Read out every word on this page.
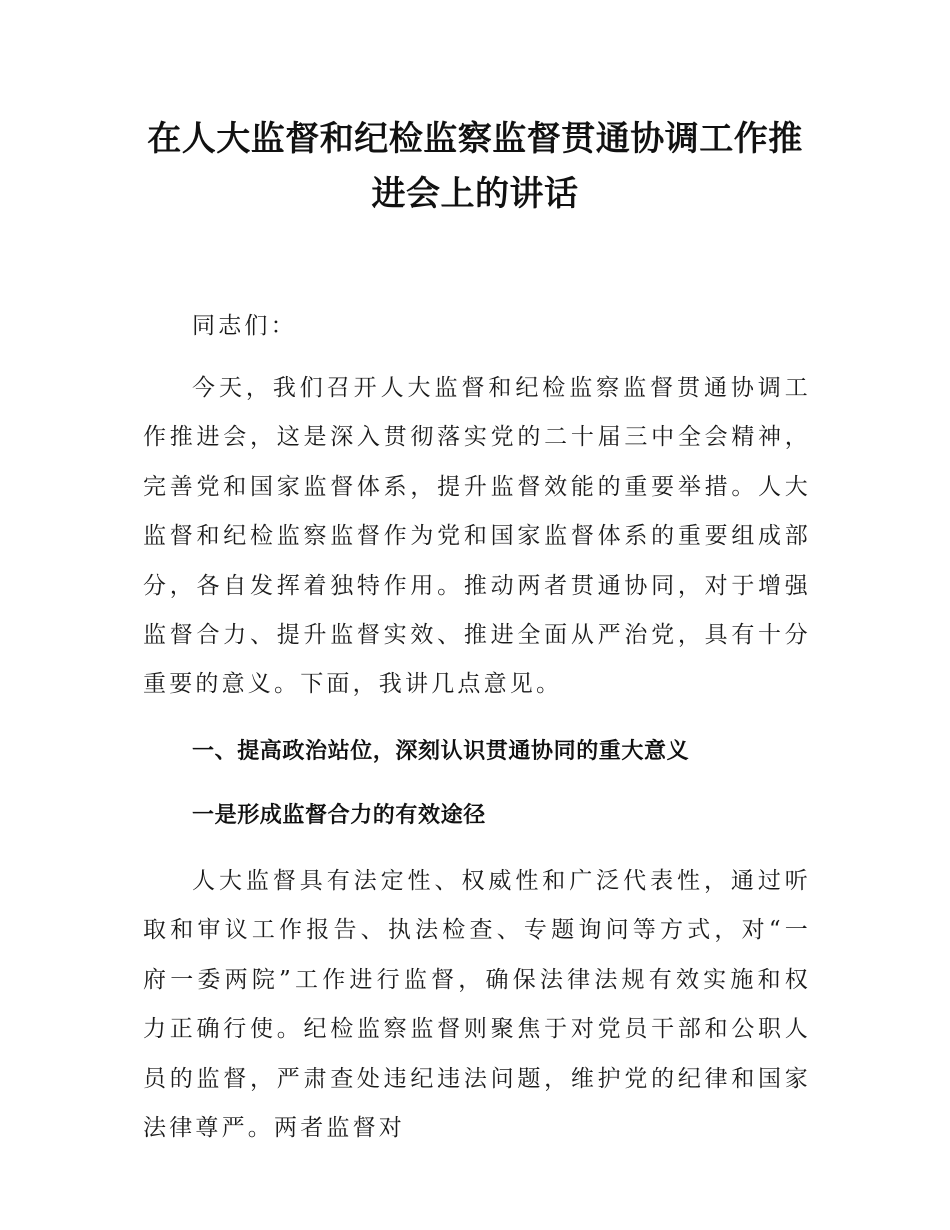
在人大监督和纪检监察监督贯通协调工作推进会上的讲话

同志们：

今天，我们召开人大监督和纪检监察监督贯通协调工作推进会，这是深入贯彻落实党的二十届三中全会精神，完善党和国家监督体系，提升监督效能的重要举措。人大监督和纪检监察监督作为党和国家监督体系的重要组成部分，各自发挥着独特作用。推动两者贯通协同，对于增强监督合力、提升监督实效、推进全面从严治党，具有十分重要的意义。下面，我讲几点意见。

一、提高政治站位，深刻认识贯通协同的重大意义

一是形成监督合力的有效途径

人大监督具有法定性、权威性和广泛代表性，通过听取和审议工作报告、执法检查、专题询问等方式，对“一府一委两院”工作进行监督，确保法律法规有效实施和权力正确行使。纪检监察监督则聚焦于对党员干部和公职人员的监督，严肃查处违纪违法问题，维护党的纪律和国家法律尊严。两者监督对
